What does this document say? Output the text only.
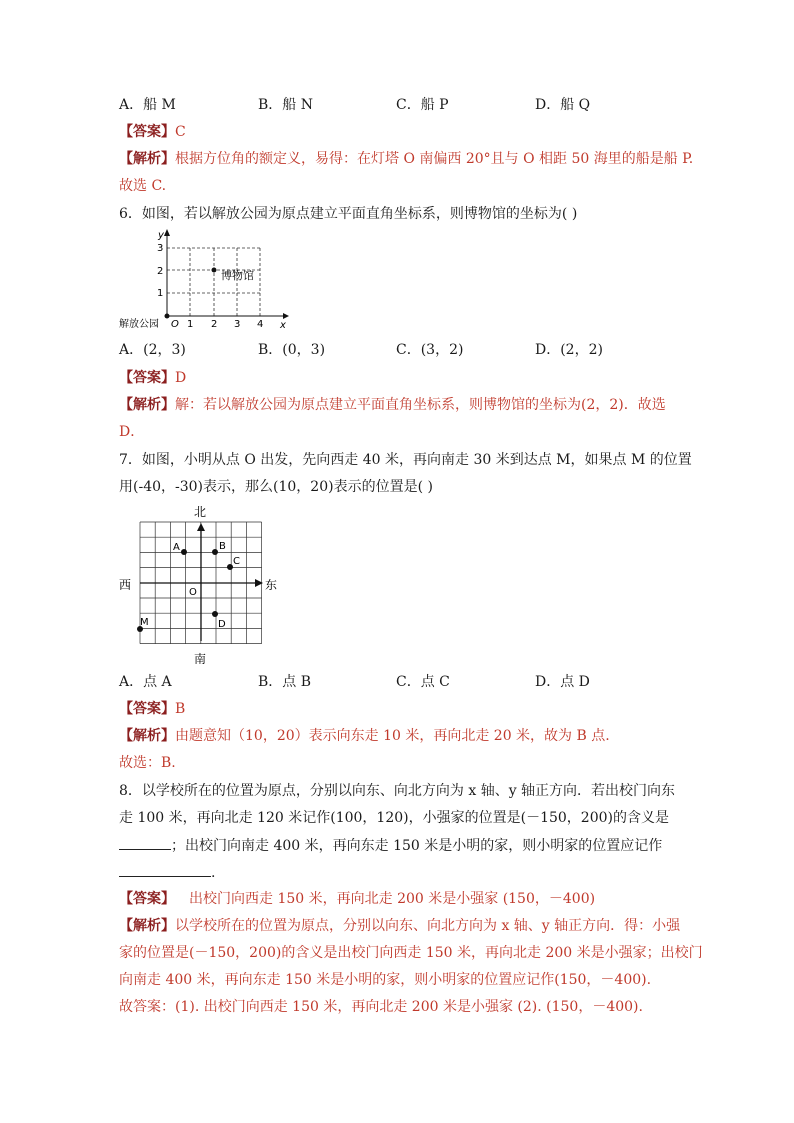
A．船 M	B．船 N	C．船 P	D．船 Q
【答案】C
【解析】根据方位角的额定义，易得：在灯塔 O 南偏西 20°且与 O 相距 50 海里的船是船 P.
故选 C.
6．如图，若以解放公园为原点建立平面直角坐标系，则博物馆的坐标为( )
y
x
3
2
1
1 2 3 4
O
解放公园
博物馆
A．(2，3)	B．(0，3)	C．(3，2)	D．(2，2)
【答案】D
【解析】解：若以解放公园为原点建立平面直角坐标系，则博物馆的坐标为(2，2)．故选
D．
7．如图，小明从点 O 出发，先向西走 40 米，再向南走 30 米到达点 M，如果点 M 的位置
用(-40，-30)表示，那么(10，20)表示的位置是( )
北
南
西	东
O
A	B
C
D
M
A．点 A	B．点 B	C．点 C	D．点 D
【答案】B
【解析】由题意知（10，20）表示向东走 10 米，再向北走 20 米，故为 B 点.
故选：B.
8．以学校所在的位置为原点，分别以向东、向北方向为 x 轴、y 轴正方向．若出校门向东
走 100 米，再向北走 120 米记作(100，120)，小强家的位置是(－150，200)的含义是
；出校门向南走 400 米，再向东走 150 米是小明的家，则小明家的位置应记作
.
【答案】 出校门向西走 150 米，再向北走 200 米是小强家 (150，－400)
【解析】以学校所在的位置为原点，分别以向东、向北方向为 x 轴、y 轴正方向．得：小强
家的位置是(－150，200)的含义是出校门向西走 150 米，再向北走 200 米是小强家；出校门
向南走 400 米，再向东走 150 米是小明的家，则小明家的位置应记作(150，－400).
故答案：(1). 出校门向西走 150 米，再向北走 200 米是小强家 (2). (150，－400).
